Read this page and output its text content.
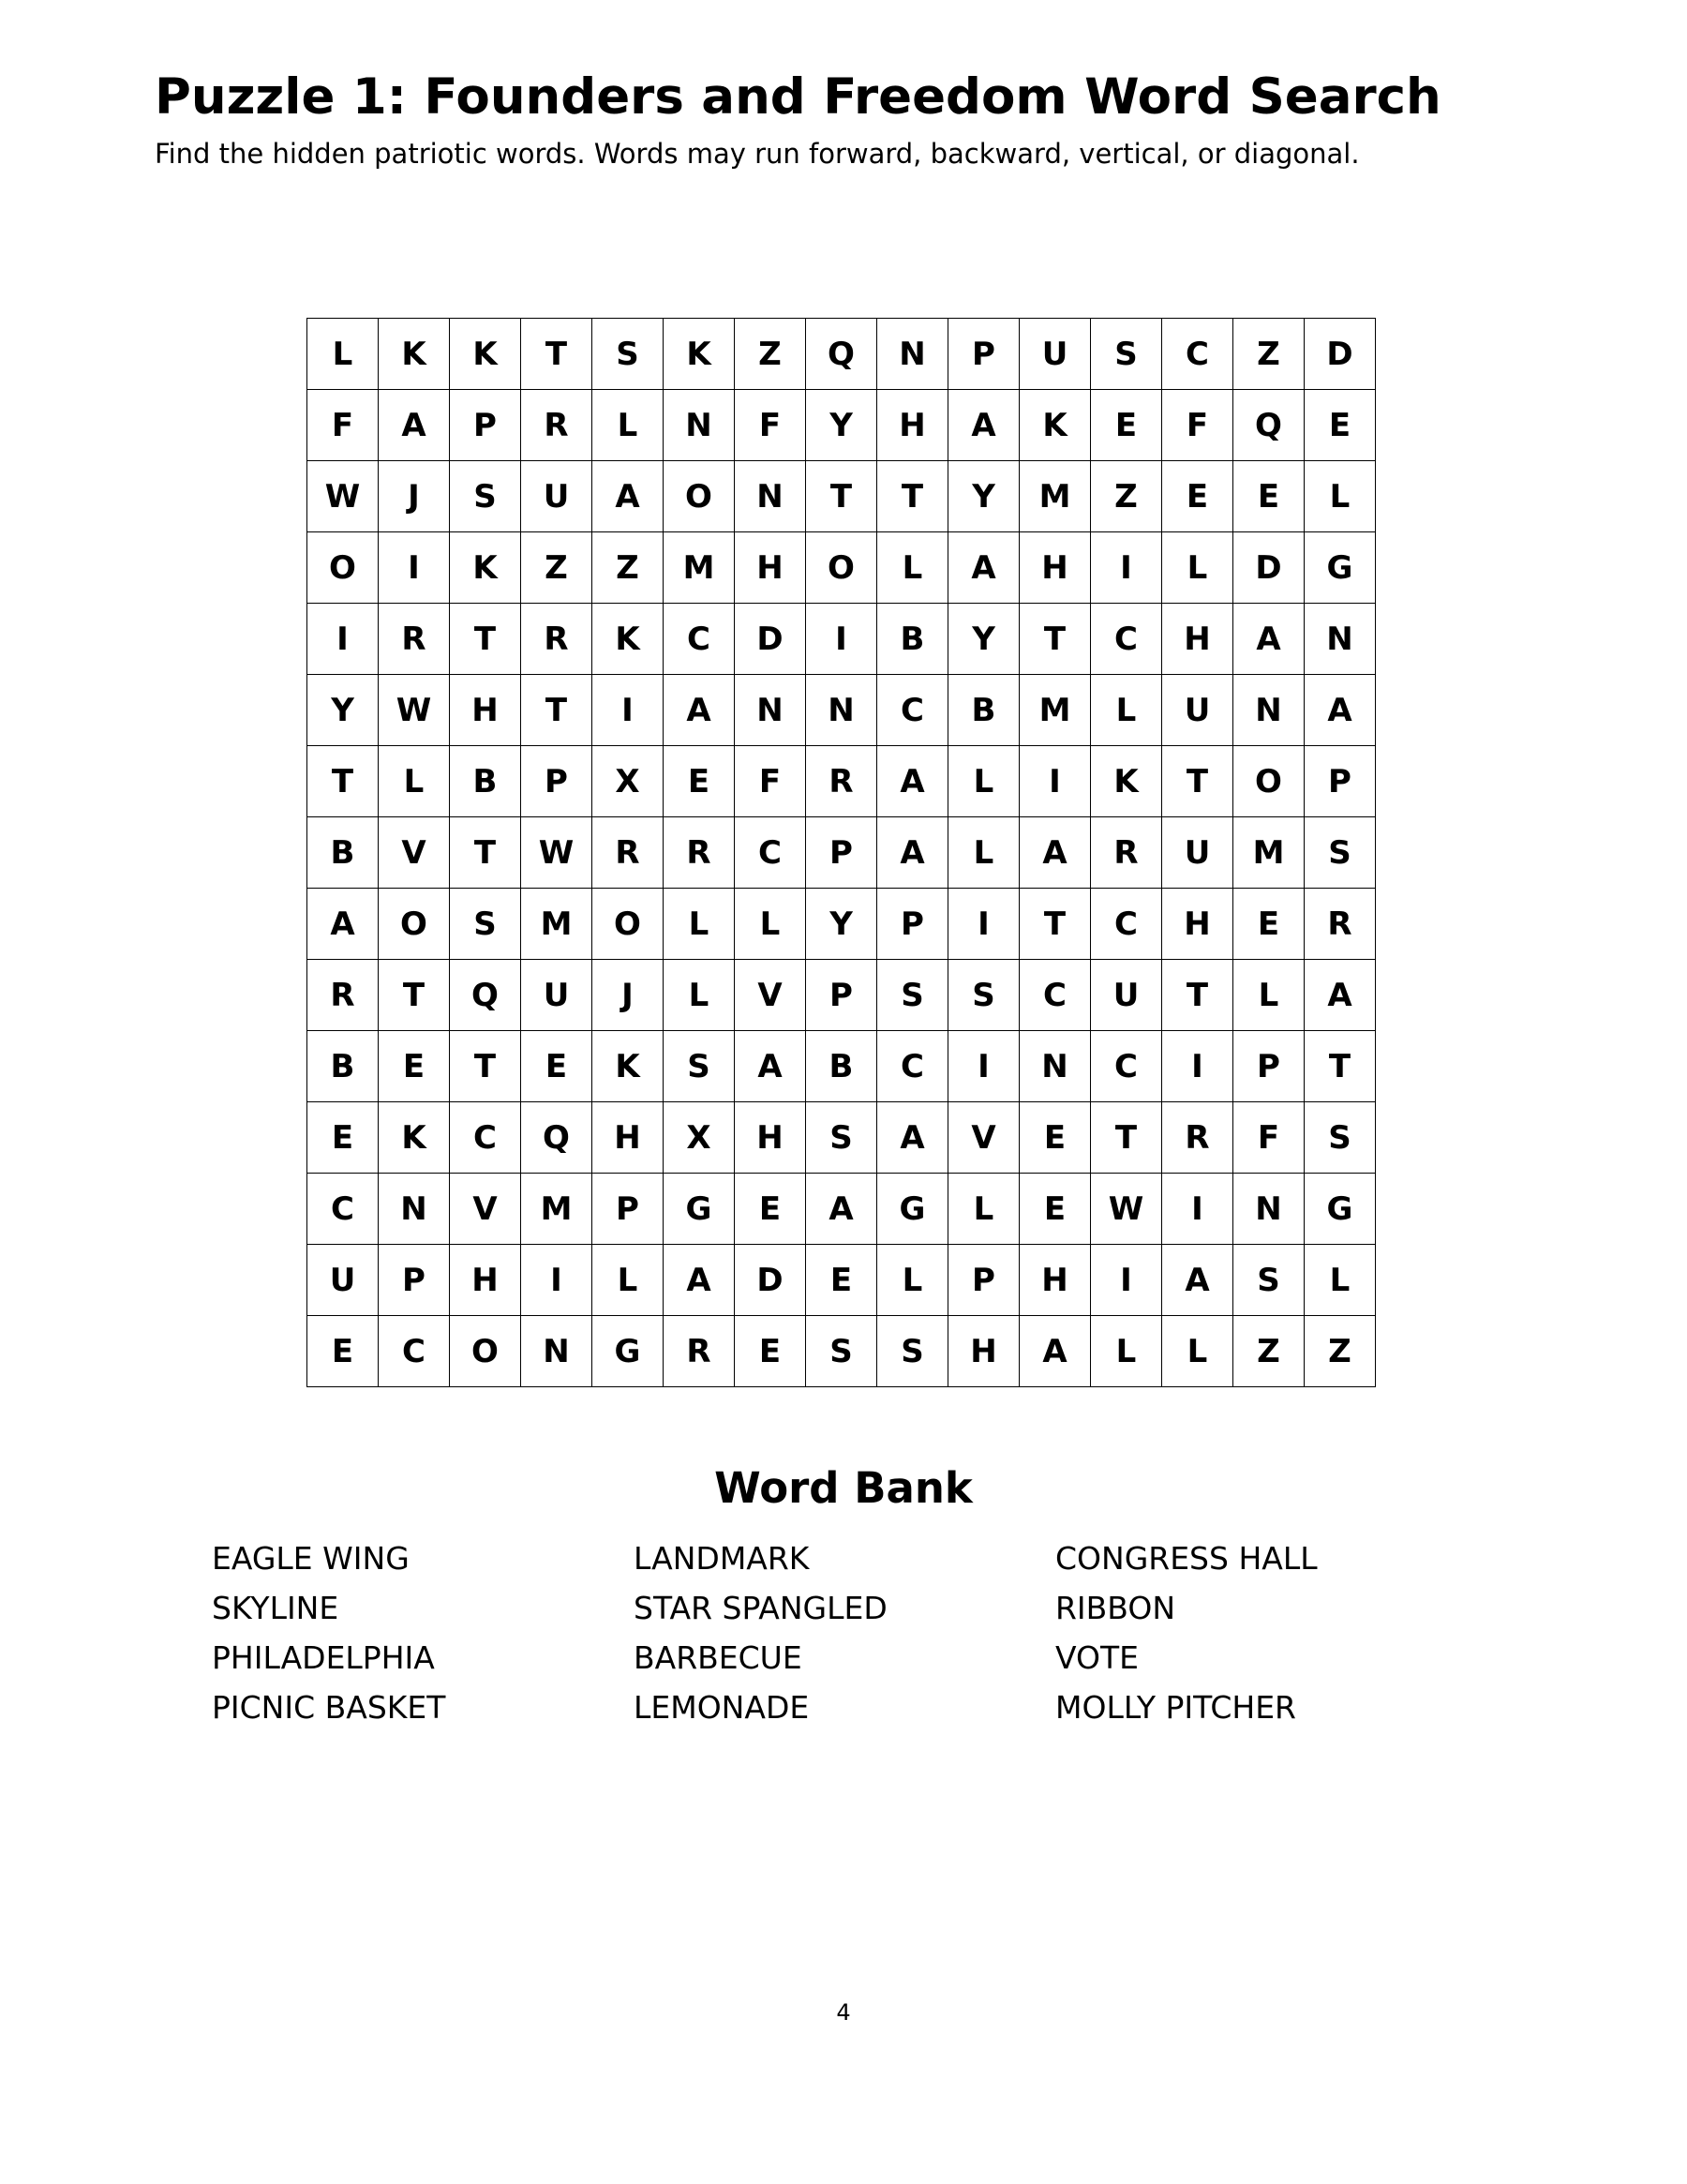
Puzzle 1: Founders and Freedom Word Search

Find the hidden patriotic words. Words may run forward, backward, vertical, or diagonal.

L	K	K	T	S	K	Z	Q	N	P	U	S	C	Z	D
F	A	P	R	L	N	F	Y	H	A	K	E	F	Q	E
W	J	S	U	A	O	N	T	T	Y	M	Z	E	E	L
O	I	K	Z	Z	M	H	O	L	A	H	I	L	D	G
I	R	T	R	K	C	D	I	B	Y	T	C	H	A	N
Y	W	H	T	I	A	N	N	C	B	M	L	U	N	A
T	L	B	P	X	E	F	R	A	L	I	K	T	O	P
B	V	T	W	R	R	C	P	A	L	A	R	U	M	S
A	O	S	M	O	L	L	Y	P	I	T	C	H	E	R
R	T	Q	U	J	L	V	P	S	S	C	U	T	L	A
B	E	T	E	K	S	A	B	C	I	N	C	I	P	T
E	K	C	Q	H	X	H	S	A	V	E	T	R	F	S
C	N	V	M	P	G	E	A	G	L	E	W	I	N	G
U	P	H	I	L	A	D	E	L	P	H	I	A	S	L
E	C	O	N	G	R	E	S	S	H	A	L	L	Z	Z
Word Bank
EAGLE WING
SKYLINE
PHILADELPHIA
PICNIC BASKET
LANDMARK
STAR SPANGLED
BARBECUE
LEMONADE
CONGRESS HALL
RIBBON
VOTE
MOLLY PITCHER
4
